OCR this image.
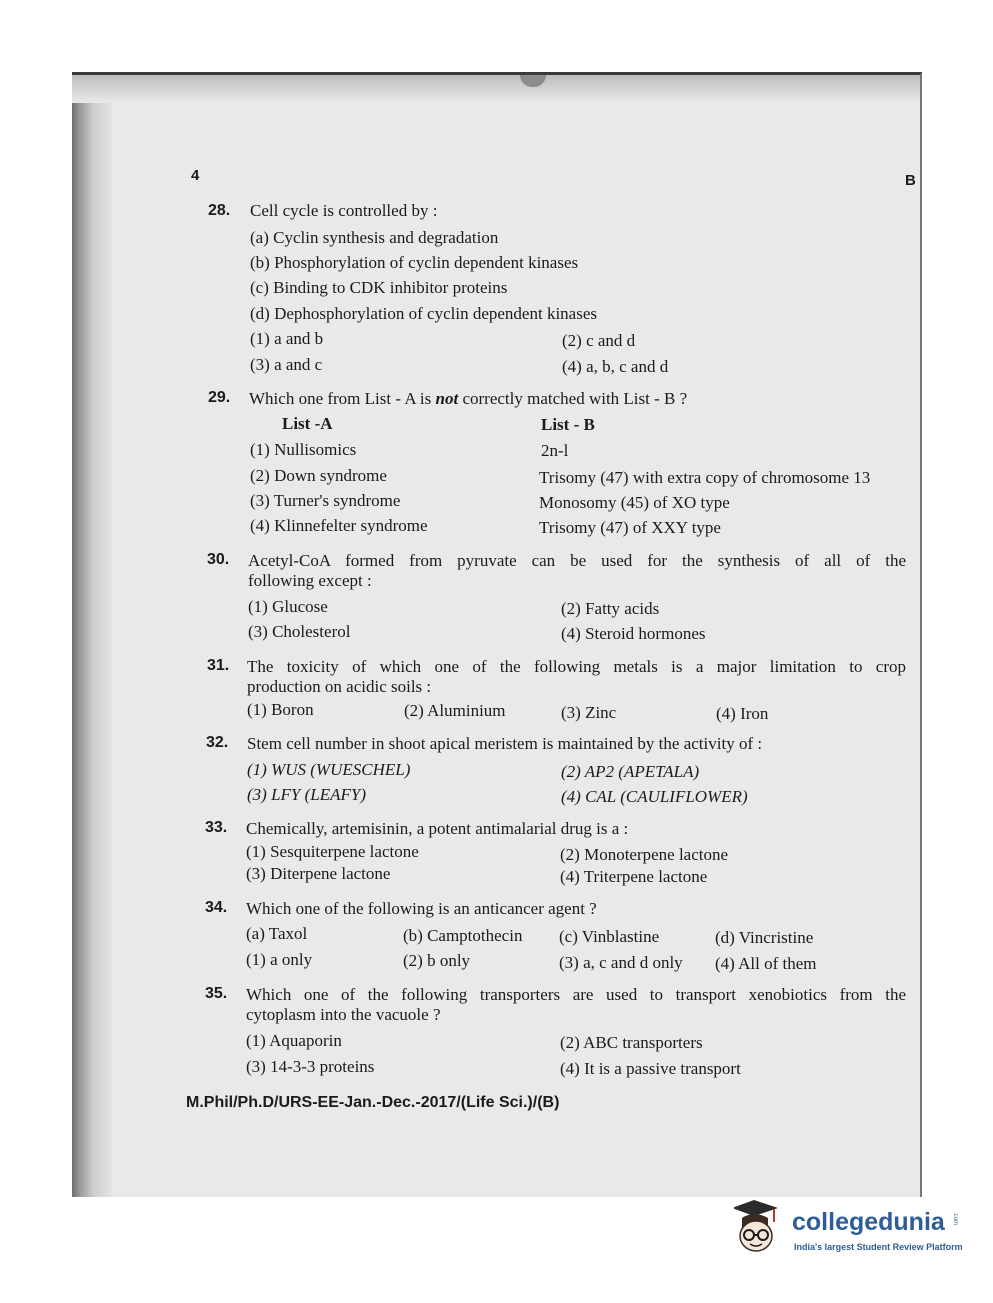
4	B
28. Cell cycle is controlled by :
(a) Cyclin synthesis and degradation
(b) Phosphorylation of cyclin dependent kinases
(c) Binding to CDK inhibitor proteins
(d) Dephosphorylation of cyclin dependent kinases
(1) a and b	(2) c and d
(3) a and c	(4) a, b, c and d
29. Which one from List - A is not correctly matched with List - B ?
List -A	List - B
(1) Nullisomics	2n-l
(2) Down syndrome	Trisomy (47) with extra copy of chromosome 13
(3) Turner's syndrome	Monosomy (45) of XO type
(4) Klinnefelter syndrome	Trisomy (47) of XXY type
30. Acetyl-CoA formed from pyruvate can be used for the synthesis of all of the
following except :
(1) Glucose	(2) Fatty acids
(3) Cholesterol	(4) Steroid hormones
31. The toxicity of which one of the following metals is a major limitation to crop
production on acidic soils :
(1) Boron	(2) Aluminium	(3) Zinc	(4) Iron
32. Stem cell number in shoot apical meristem is maintained by the activity of :
(1) WUS (WUESCHEL)	(2) AP2 (APETALA)
(3) LFY (LEAFY)	(4) CAL (CAULIFLOWER)
33. Chemically, artemisinin, a potent antimalarial drug is a :
(1) Sesquiterpene lactone	(2) Monoterpene lactone
(3) Diterpene lactone	(4) Triterpene lactone
34. Which one of the following is an anticancer agent ?
(a) Taxol	(b) Camptothecin (c) Vinblastine	(d) Vincristine
(1) a only	(2) b only	(3) a, c and d only (4) All of them
35. Which one of the following transporters are used to transport xenobiotics from the
cytoplasm into the vacuole ?
(1) Aquaporin	(2) ABC transporters
(3) 14-3-3 proteins	(4) It is a passive transport
M.Phil/Ph.D/URS-EE-Jan.-Dec.-2017/(Life Sci.)/(B)
collegedunia .com
India's largest Student Review Platform
